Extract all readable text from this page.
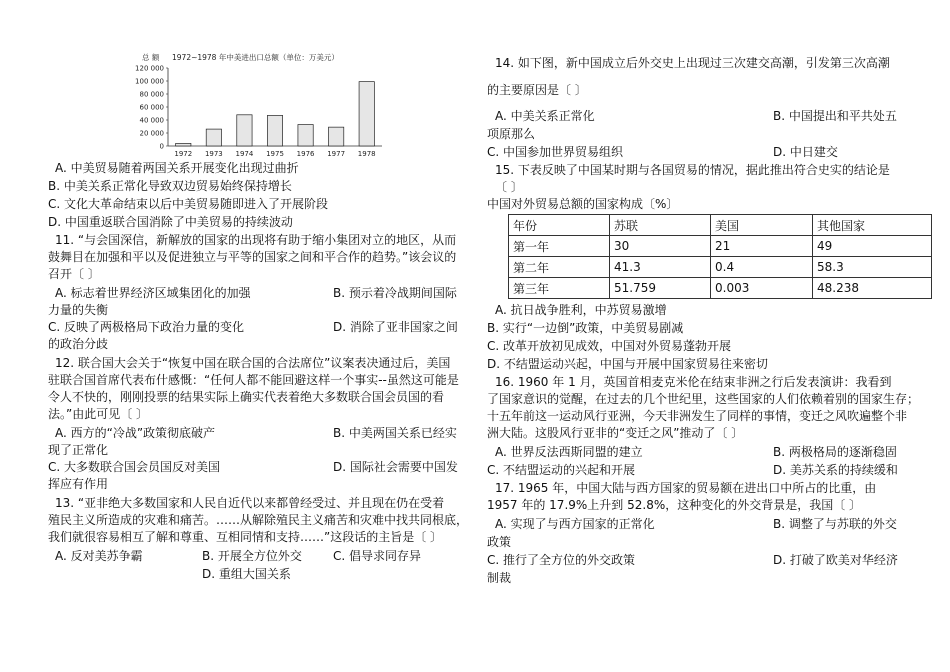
1972~1978 年中美进出口总额（单位：万美元）
总 额
120 000
100 000
80 000
60 000
40 000
20 000
0
1972 1973 1974 1975 1976 1977 1978
A. 中美贸易随着两国关系开展变化出现过曲折
B. 中美关系正常化导致双边贸易始终保持增长
C. 文化大革命结束以后中美贸易随即进入了开展阶段
D. 中国重返联合国消除了中美贸易的持续波动
11. “与会国深信，新解放的国家的出现将有助于缩小集团对立的地区，从而
鼓舞目在加强和平以及促进独立与平等的国家之间和平合作的趋势。”该会议的
召开〔 〕
A. 标志着世界经济区域集团化的加强	B. 预示着冷战期间国际
力量的失衡
C. 反映了两极格局下政治力量的变化	D. 消除了亚非国家之间
的政治分歧
12. 联合国大会关于“恢复中国在联合国的合法席位”议案表决通过后，美国
驻联合国首席代表布什感慨：“任何人都不能回避这样一个事实--虽然这可能是
令人不快的，刚刚投票的结果实际上确实代表着绝大多数联合国会员国的看
法。”由此可见〔 〕
A. 西方的“冷战”政策彻底破产	B. 中美两国关系已经实
现了正常化
C. 大多数联合国会员国反对美国	D. 国际社会需要中国发
挥应有作用
13. “亚非绝大多数国家和人民自近代以来都曾经受过、并且现在仍在受着
殖民主义所造成的灾难和痛苦。……从解除殖民主义痛苦和灾难中找共同根底，
我们就很容易相互了解和尊重、互相同情和支持……”这段话的主旨是〔 〕
A. 反对美苏争霸	B. 开展全方位外交	C. 倡导求同存异
D. 重组大国关系
14. 如下图，新中国成立后外交史上出现过三次建交高潮，引发第三次高潮
的主要原因是〔 〕
A. 中美关系正常化	B. 中国提出和平共处五
项原那么
C. 中国参加世界贸易组织	D. 中日建交
15. 下表反映了中国某时期与各国贸易的情况，据此推出符合史实的结论是
〔 〕
中国对外贸易总额的国家构成〔%〕
年份	苏联	美国	其他国家
第一年	30	21	49
第二年	41.3	0.4	58.3
第三年	51.759	0.003	48.238
A. 抗日战争胜利，中苏贸易激增
B. 实行“一边倒”政策，中美贸易剧减
C. 改革开放初见成效，中国对外贸易蓬勃开展
D. 不结盟运动兴起，中国与开展中国家贸易往来密切
16. 1960 年 1 月，英国首相麦克米伦在结束非洲之行后发表演讲：我看到
了国家意识的觉醒，在过去的几个世纪里，这些国家的人们依赖着别的国家生存；
十五年前这一运动风行亚洲，今天非洲发生了同样的事情，变迁之风吹遍整个非
洲大陆。这股风行亚非的“变迁之风”推动了〔 〕
A. 世界反法西斯同盟的建立	B. 两极格局的逐渐稳固
C. 不结盟运动的兴起和开展	D. 美苏关系的持续缓和
17. 1965 年，中国大陆与西方国家的贸易额在进出口中所占的比重，由
1957 年的 17.9%上升到 52.8%，这种变化的外交背景是，我国〔 〕
A. 实现了与西方国家的正常化	B. 调整了与苏联的外交
政策
C. 推行了全方位的外交政策	D. 打破了欧美对华经济
制裁
